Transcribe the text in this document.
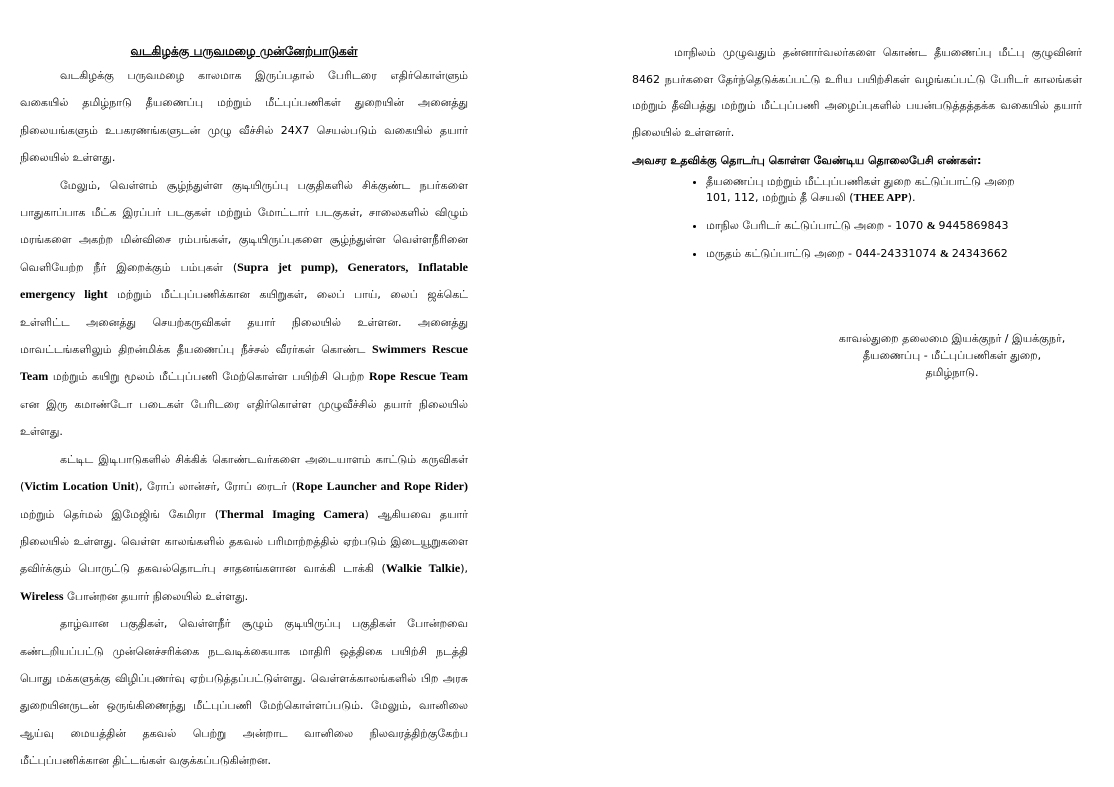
வடகிழக்கு பருவமழை முன்னேற்பாடுகள்

வடகிழக்கு பருவமழை காலமாக இருப்பதால் பேரிடரை எதிர்கொள்ளும் வகையில் தமிழ்நாடு தீயணைப்பு மற்றும் மீட்புப்பணிகள் துறையின் அனைத்து நிலையங்களும் உபகரணங்களுடன் முழு வீச்சில் 24X7 செயல்படும் வகையில் தயார் நிலையில் உள்ளது.

மேலும், வெள்ளம் சூழ்ந்துள்ள குடியிருப்பு பகுதிகளில் சிக்குண்ட நபர்களை பாதுகாப்பாக மீட்க இரப்பர் படகுகள் மற்றும் மோட்டார் படகுகள், சாலைகளில் விழும் மரங்களை அகற்ற மின்விசை ரம்பங்கள், குடியிருப்புகளை சூழ்ந்துள்ள வெள்ளநீரினை வெளியேற்ற நீர் இறைக்கும் பம்புகள் (Supra jet pump), Generators, Inflatable emergency light மற்றும் மீட்புப்பணிக்கான கயிறுகள், லைப் பாய், லைப் ஜக்கெட் உள்ளிட்ட அனைத்து செயற்கருவிகள் தயார் நிலையில் உள்ளன. அனைத்து மாவட்டங்களிலும் திறன்மிக்க தீயணைப்பு நீச்சல் வீரர்கள் கொண்ட Swimmers Rescue Team மற்றும் கயிறு மூலம் மீட்புப்பணி மேற்கொள்ள பயிற்சி பெற்ற Rope Rescue Team என இரு கமாண்டோ படைகள் பேரிடரை எதிர்கொள்ள முழுவீச்சில் தயார் நிலையில் உள்ளது.

கட்டிட இடிபாடுகளில் சிக்கிக் கொண்டவர்களை அடையாளம் காட்டும் கருவிகள் (Victim Location Unit), ரோப் லான்சர், ரோப் ரைடர் (Rope Launcher and Rope Rider) மற்றும் தெர்மல் இமேஜிங் கேமிரா (Thermal Imaging Camera) ஆகியவை தயார் நிலையில் உள்ளது. வெள்ள காலங்களில் தகவல் பரிமாற்றத்தில் ஏற்படும் இடையூறுகளை தவிர்க்கும் பொருட்டு தகவல்தொடர்பு சாதனங்களான வாக்கி டாக்கி (Walkie Talkie), Wireless போன்றன தயார் நிலையில் உள்ளது.

தாழ்வான பகுதிகள், வெள்ளநீர் சூழும் குடியிருப்பு பகுதிகள் போன்றவை கண்டறியப்பட்டு முன்னெச்சரிக்கை நடவடிக்கையாக மாதிரி ஒத்திகை பயிற்சி நடத்தி பொது மக்களுக்கு விழிப்புணர்வு ஏற்படுத்தப்பட்டுள்ளது. வெள்ளக்காலங்களில் பிற அரசு துறையினருடன் ஒருங்கிணைந்து மீட்புப்பணி மேற்கொள்ளப்படும். மேலும், வானிலை ஆய்வு மையத்தின் தகவல் பெற்று அன்றாட வானிலை நிலவரத்திற்குகேற்ப மீட்புப்பணிக்கான திட்டங்கள் வகுக்கப்படுகின்றன.

மாநிலம் முழுவதும் தன்னார்வலர்களை கொண்ட தீயணைப்பு மீட்பு குழுவினர் 8462 நபர்களை தேர்ந்தெடுக்கப்பட்டு உரிய பயிற்சிகள் வழங்கப்பட்டு பேரிடர் காலங்கள் மற்றும் தீவிபத்து மற்றும் மீட்புப்பணி அழைப்புகளில் பயன்படுத்தத்தக்க வகையில் தயார் நிலையில் உள்ளனர்.

அவசர உதவிக்கு தொடர்பு கொள்ள வேண்டிய தொலைபேசி எண்கள்:

• தீயணைப்பு மற்றும் மீட்புப்பணிகள் துறை கட்டுப்பாட்டு அறை
101, 112, மற்றும் தீ செயலி (THEE APP).
• மாநில பேரிடர் கட்டுப்பாட்டு அறை - 1070 & 9445869843
• மருதம் கட்டுப்பாட்டு அறை - 044-24331074 & 24343662
காவல்துறை தலைமை இயக்குநர் / இயக்குநர்,
தீயணைப்பு - மீட்புப்பணிகள் துறை,
தமிழ்நாடு.
